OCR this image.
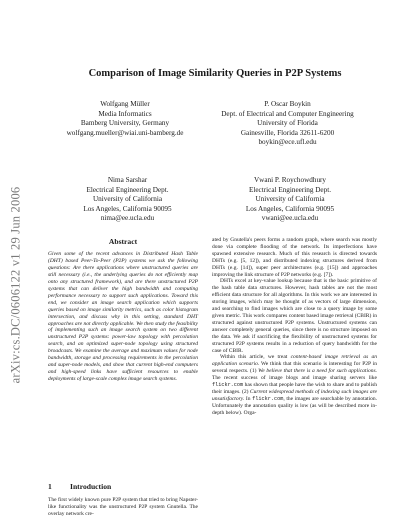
arXiv:cs.DC/0606122 v1 29 Jun 2006
Comparison of Image Similarity Queries in P2P Systems
Wolfgang Müller
Media Informatics
Bamberg University, Germany
wolfgang.mueller@wiai.uni-bamberg.de
P. Oscar Boykin
Dept. of Electrical and Computer Engineering
University of Florida
Gainesville, Florida 32611-6200
boykin@ece.ufl.edu
Nima Sarshar
Electrical Engineering Dept.
University of California
Los Angeles, California 90095
nima@ee.ucla.edu
Vwani P. Roychowdhury
Electrical Engineering Dept.
University of California
Los Angeles, California 90095
vwani@ee.ucla.edu
Abstract
Given some of the recent advances in Distributed Hash Table (DHT) based Peer-To-Peer (P2P) systems we ask the following questions: Are there applications where unstructured queries are still necessary (i.e., the underlying queries do not efficiently map onto any structured framework), and are there unstructured P2P systems that can deliver the high bandwidth and computing performance necessary to support such applications. Toward this end, we consider an image search application which supports queries based on image similarity metrics, such as color histogram intersection, and discuss why in this setting, standard DHT approaches are not directly applicable. We then study the feasibility of implementing such an image search system on two different unstructured P2P systems: power-law topology with percolation search, and an optimized super-node topology using structured broadcasts. We examine the average and maximum values for node bandwidth, storage and processing requirements in the percolation and super-node models, and show that current high-end computers and high-speed links have sufficient resources to enable deployments of large-scale complex image search systems.
1 Introduction
The first widely known pure P2P system that tried to bring Napster-like functionality was the unstructured P2P system Gnutella. The overlay network cre-

ated by Gnutella's peers forms a random graph, where search was mostly done via complete flooding of the network. Its imperfections have spawned extensive research. Much of this research is directed towards DHTs (e.g. [5, 12]), and distributed indexing structures derived from DHTs (e.g. [14]), super peer architectures (e.g. [15]) and approaches improving the link structure of P2P networks (e.g. [7]).

DHTs excel at key-value lookup because that is the basic primitive of the hash table data structures. However, hash tables are not the most efficient data structure for all algorithms. In this work we are interested in storing images, which may be thought of as vectors of large dimension, and searching to find images which are close to a query image by some given metric. This work compares content based image retrieval (CBIR) in structured against unstructured P2P systems. Unstructured systems can answer completely general queries, since there is no structure imposed on the data. We ask if sacrificing the flexibility of unstructured systems for structured P2P systems results in a reduction of query bandwidth for the case of CBIR.

Within this article, we treat content-based image retrieval as an application scenario. We think that this scenario is interesting for P2P in several respects. (1) We believe that there is a need for such applications. The recent success of image blogs and image sharing servers like flickr.com has shown that people have the wish to share and to publish their images. (2) Current widespread methods of indexing such images are unsatisfactory. In flickr.com, the images are searchable by annotation. Unfortunately the annotation quality is low (as will be described more in-depth below). Orga-
